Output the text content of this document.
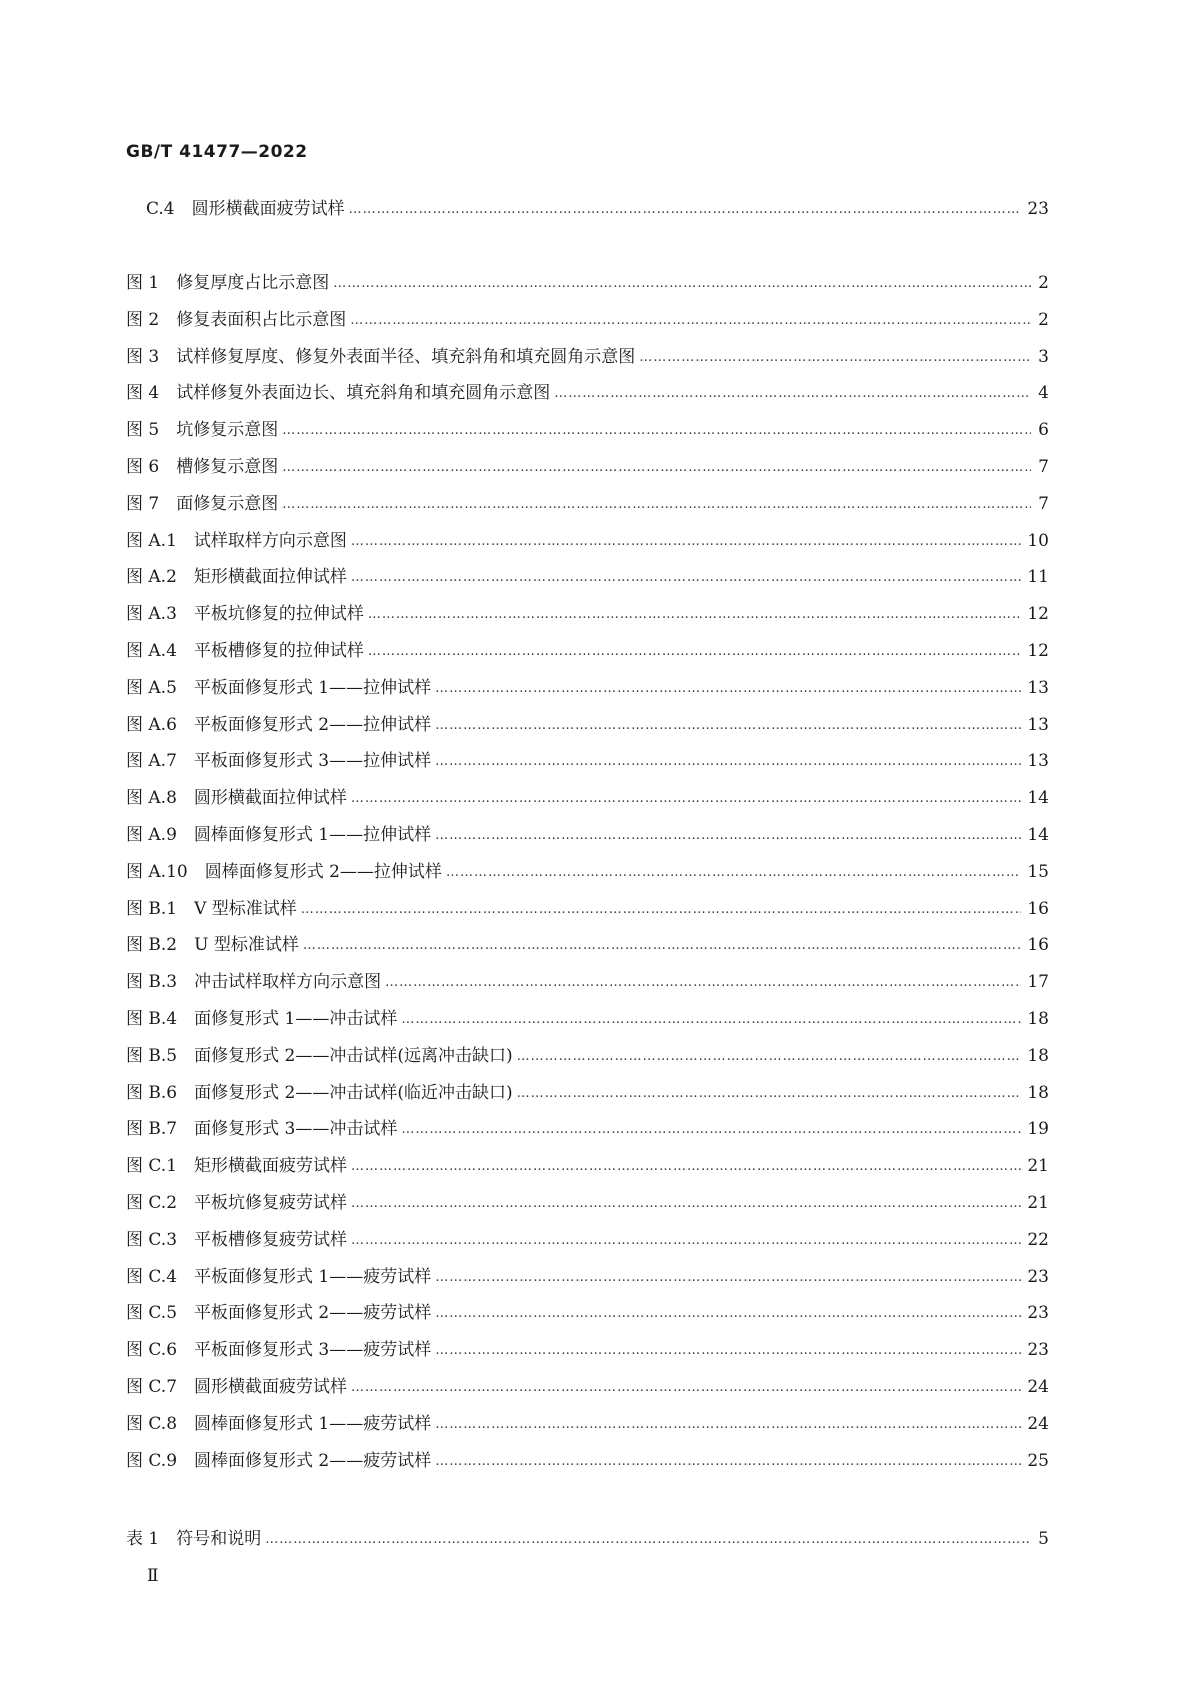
GB/T 41477—2022
C.4　圆形横截面疲劳试样 ……………………………………………………………………………………………………………………………………………………………………………………………………………………	23
图 1　修复厚度占比示意图 ……………………………………………………………………………………………………………………………………………………………………………………………………………………	2
图 2　修复表面积占比示意图 ……………………………………………………………………………………………………………………………………………………………………………………………………………………	2
图 3　试样修复厚度、修复外表面半径、填充斜角和填充圆角示意图 ……………………………………………………………………………………………………………………………………………………………………………………………………………………	3
图 4　试样修复外表面边长、填充斜角和填充圆角示意图 ……………………………………………………………………………………………………………………………………………………………………………………………………………………	4
图 5　坑修复示意图 ……………………………………………………………………………………………………………………………………………………………………………………………………………………	6
图 6　槽修复示意图 ……………………………………………………………………………………………………………………………………………………………………………………………………………………	7
图 7　面修复示意图 ……………………………………………………………………………………………………………………………………………………………………………………………………………………	7
图 A.1　试样取样方向示意图 ……………………………………………………………………………………………………………………………………………………………………………………………………………………	10
图 A.2　矩形横截面拉伸试样 ……………………………………………………………………………………………………………………………………………………………………………………………………………………	11
图 A.3　平板坑修复的拉伸试样 ……………………………………………………………………………………………………………………………………………………………………………………………………………………	12
图 A.4　平板槽修复的拉伸试样 ……………………………………………………………………………………………………………………………………………………………………………………………………………………	12
图 A.5　平板面修复形式 1——拉伸试样 ……………………………………………………………………………………………………………………………………………………………………………………………………………………	13
图 A.6　平板面修复形式 2——拉伸试样 ……………………………………………………………………………………………………………………………………………………………………………………………………………………	13
图 A.7　平板面修复形式 3——拉伸试样 ……………………………………………………………………………………………………………………………………………………………………………………………………………………	13
图 A.8　圆形横截面拉伸试样 ……………………………………………………………………………………………………………………………………………………………………………………………………………………	14
图 A.9　圆棒面修复形式 1——拉伸试样 ……………………………………………………………………………………………………………………………………………………………………………………………………………………	14
图 A.10　圆棒面修复形式 2——拉伸试样 ……………………………………………………………………………………………………………………………………………………………………………………………………………………	15
图 B.1　V 型标准试样 ……………………………………………………………………………………………………………………………………………………………………………………………………………………	16
图 B.2　U 型标准试样 ……………………………………………………………………………………………………………………………………………………………………………………………………………………	16
图 B.3　冲击试样取样方向示意图 ……………………………………………………………………………………………………………………………………………………………………………………………………………………	17
图 B.4　面修复形式 1——冲击试样 ……………………………………………………………………………………………………………………………………………………………………………………………………………………	18
图 B.5　面修复形式 2——冲击试样(远离冲击缺口) ……………………………………………………………………………………………………………………………………………………………………………………………………………………	18
图 B.6　面修复形式 2——冲击试样(临近冲击缺口) ……………………………………………………………………………………………………………………………………………………………………………………………………………………	18
图 B.7　面修复形式 3——冲击试样 ……………………………………………………………………………………………………………………………………………………………………………………………………………………	19
图 C.1　矩形横截面疲劳试样 ……………………………………………………………………………………………………………………………………………………………………………………………………………………	21
图 C.2　平板坑修复疲劳试样 ……………………………………………………………………………………………………………………………………………………………………………………………………………………	21
图 C.3　平板槽修复疲劳试样 ……………………………………………………………………………………………………………………………………………………………………………………………………………………	22
图 C.4　平板面修复形式 1——疲劳试样 ……………………………………………………………………………………………………………………………………………………………………………………………………………………	23
图 C.5　平板面修复形式 2——疲劳试样 ……………………………………………………………………………………………………………………………………………………………………………………………………………………	23
图 C.6　平板面修复形式 3——疲劳试样 ……………………………………………………………………………………………………………………………………………………………………………………………………………………	23
图 C.7　圆形横截面疲劳试样 ……………………………………………………………………………………………………………………………………………………………………………………………………………………	24
图 C.8　圆棒面修复形式 1——疲劳试样 ……………………………………………………………………………………………………………………………………………………………………………………………………………………	24
图 C.9　圆棒面修复形式 2——疲劳试样 ……………………………………………………………………………………………………………………………………………………………………………………………………………………	25
表 1　符号和说明 ……………………………………………………………………………………………………………………………………………………………………………………………………………………	5
Ⅱ
